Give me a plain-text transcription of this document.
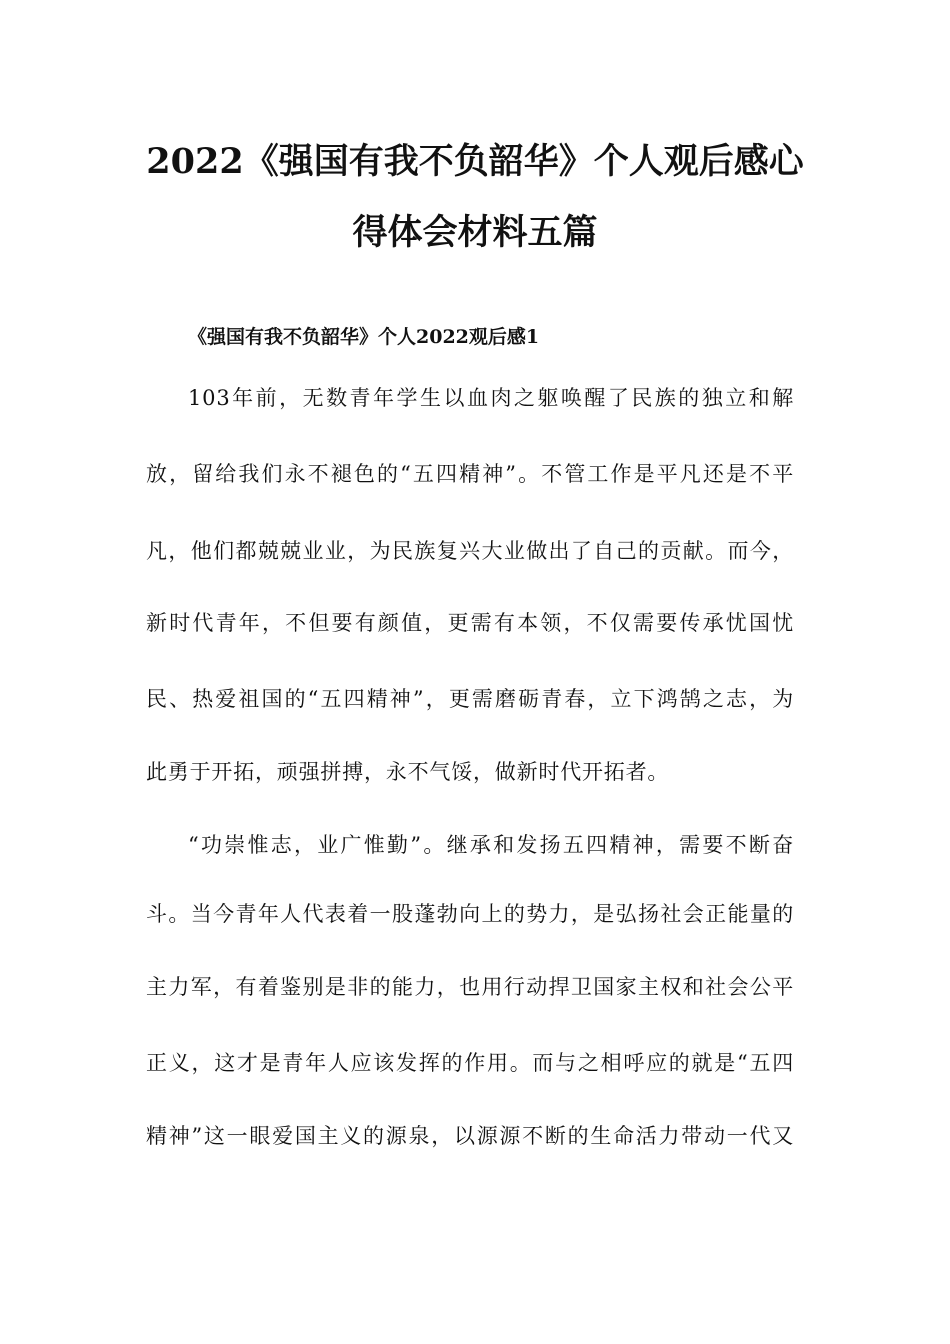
2022《强国有我不负韶华》个人观后感心
得体会材料五篇
《强国有我不负韶华》个人2022观后感1
103年前，无数青年学生以血肉之躯唤醒了民族的独立和解
放，留给我们永不褪色的“五四精神”。不管工作是平凡还是不平
凡，他们都兢兢业业，为民族复兴大业做出了自己的贡献。而今，
新时代青年，不但要有颜值，更需有本领，不仅需要传承忧国忧
民、热爱祖国的“五四精神”，更需磨砺青春，立下鸿鹄之志，为
此勇于开拓，顽强拼搏，永不气馁，做新时代开拓者。
“功崇惟志，业广惟勤”。继承和发扬五四精神，需要不断奋
斗。当今青年人代表着一股蓬勃向上的势力，是弘扬社会正能量的
主力军，有着鉴别是非的能力，也用行动捍卫国家主权和社会公平
正义，这才是青年人应该发挥的作用。而与之相呼应的就是“五四
精神”这一眼爱国主义的源泉，以源源不断的生命活力带动一代又
